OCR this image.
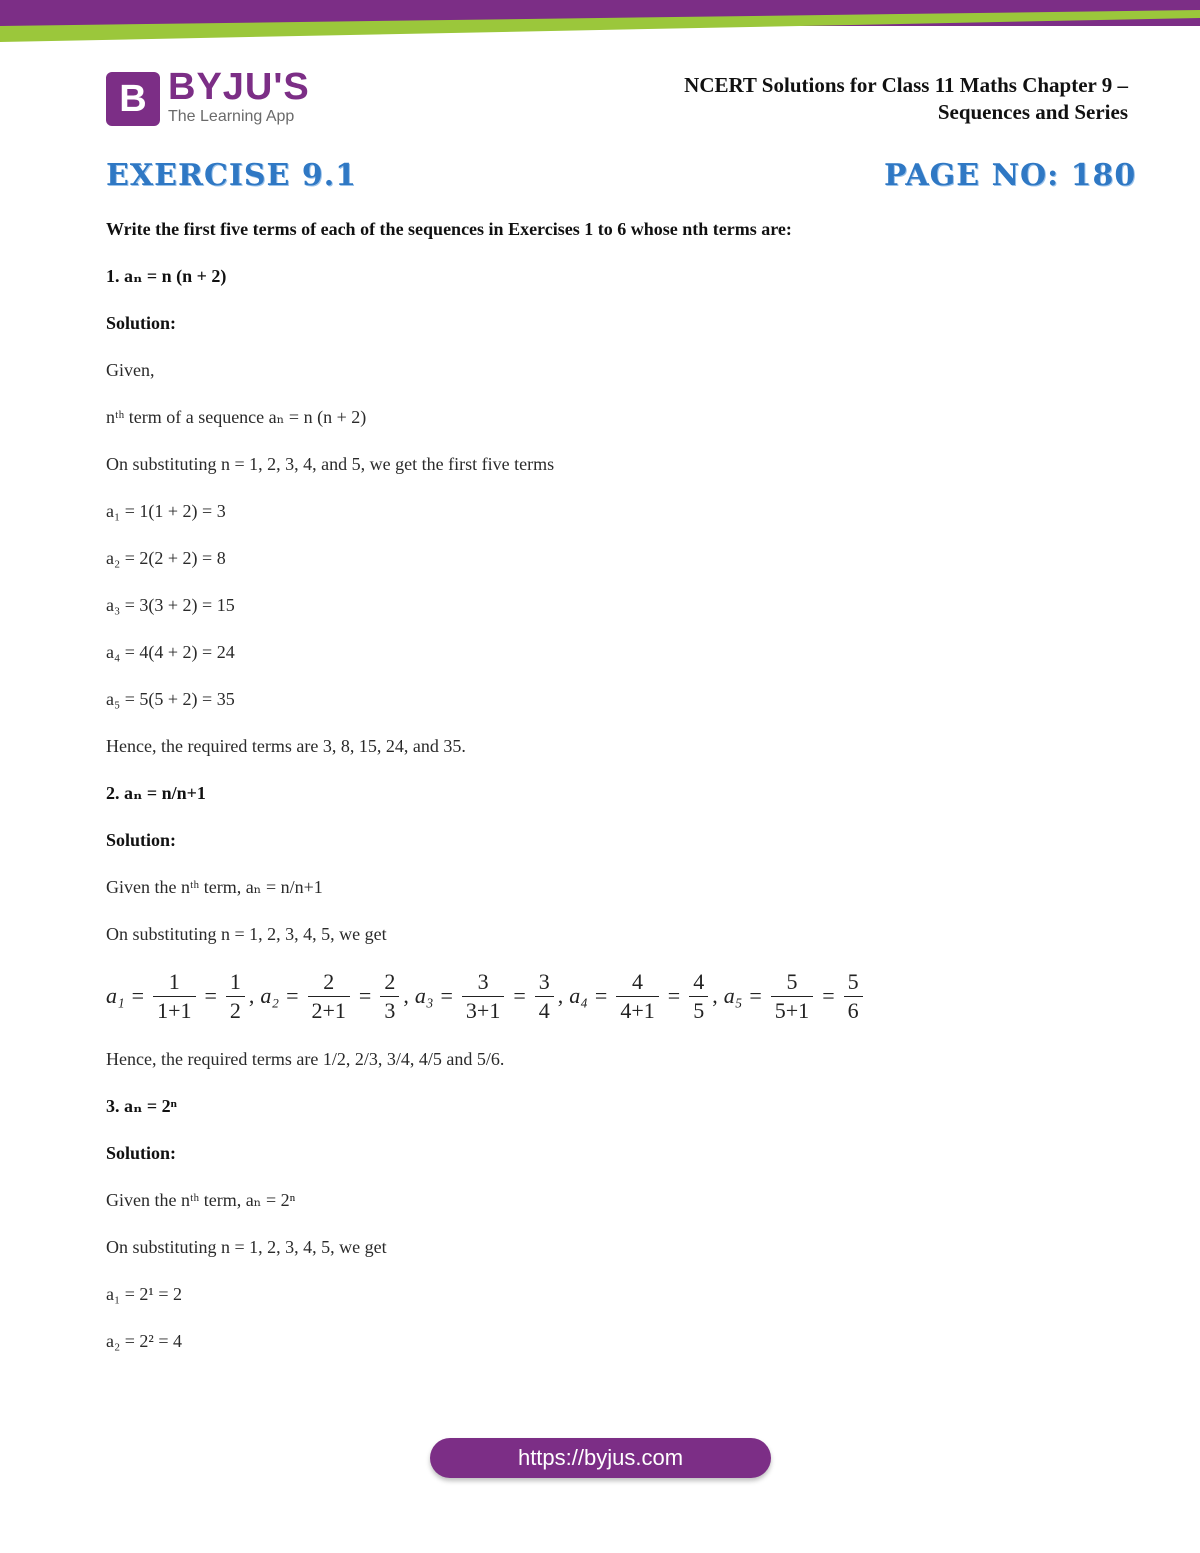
B BYJU'S
The Learning App
NCERT Solutions for Class 11 Maths Chapter 9 –
Sequences and Series
EXERCISE 9.1	PAGE NO: 180
Write the first five terms of each of the sequences in Exercises 1 to 6 whose nth terms are:
1. aₙ = n (n + 2)
Solution:
Given,
nᵗʰ term of a sequence aₙ = n (n + 2)
On substituting n = 1, 2, 3, 4, and 5, we get the first five terms
a₁ = 1(1 + 2) = 3
a₂ = 2(2 + 2) = 8
a₃ = 3(3 + 2) = 15
a₄ = 4(4 + 2) = 24
a₅ = 5(5 + 2) = 35
Hence, the required terms are 3, 8, 15, 24, and 35.
2. aₙ = n/n+1
Solution:
Given the nᵗʰ term, aₙ = n/n+1
On substituting n = 1, 2, 3, 4, 5, we get
$a_1 = \frac{1}{1+1} = \frac{1}{2}$ , $a_2 = \frac{2}{2+1} = \frac{2}{3}$ , $a_3 = \frac{3}{3+1} = \frac{3}{4}$ , $a_4 = \frac{4}{4+1} = \frac{4}{5}$ , $a_5 = \frac{5}{5+1} = \frac{5}{6}$
Hence, the required terms are 1/2, 2/3, 3/4, 4/5 and 5/6.
3. aₙ = 2ⁿ
Solution:
Given the nᵗʰ term, aₙ = 2ⁿ
On substituting n = 1, 2, 3, 4, 5, we get
a₁ = 2¹ = 2
a₂ = 2² = 4
https://byjus.com
